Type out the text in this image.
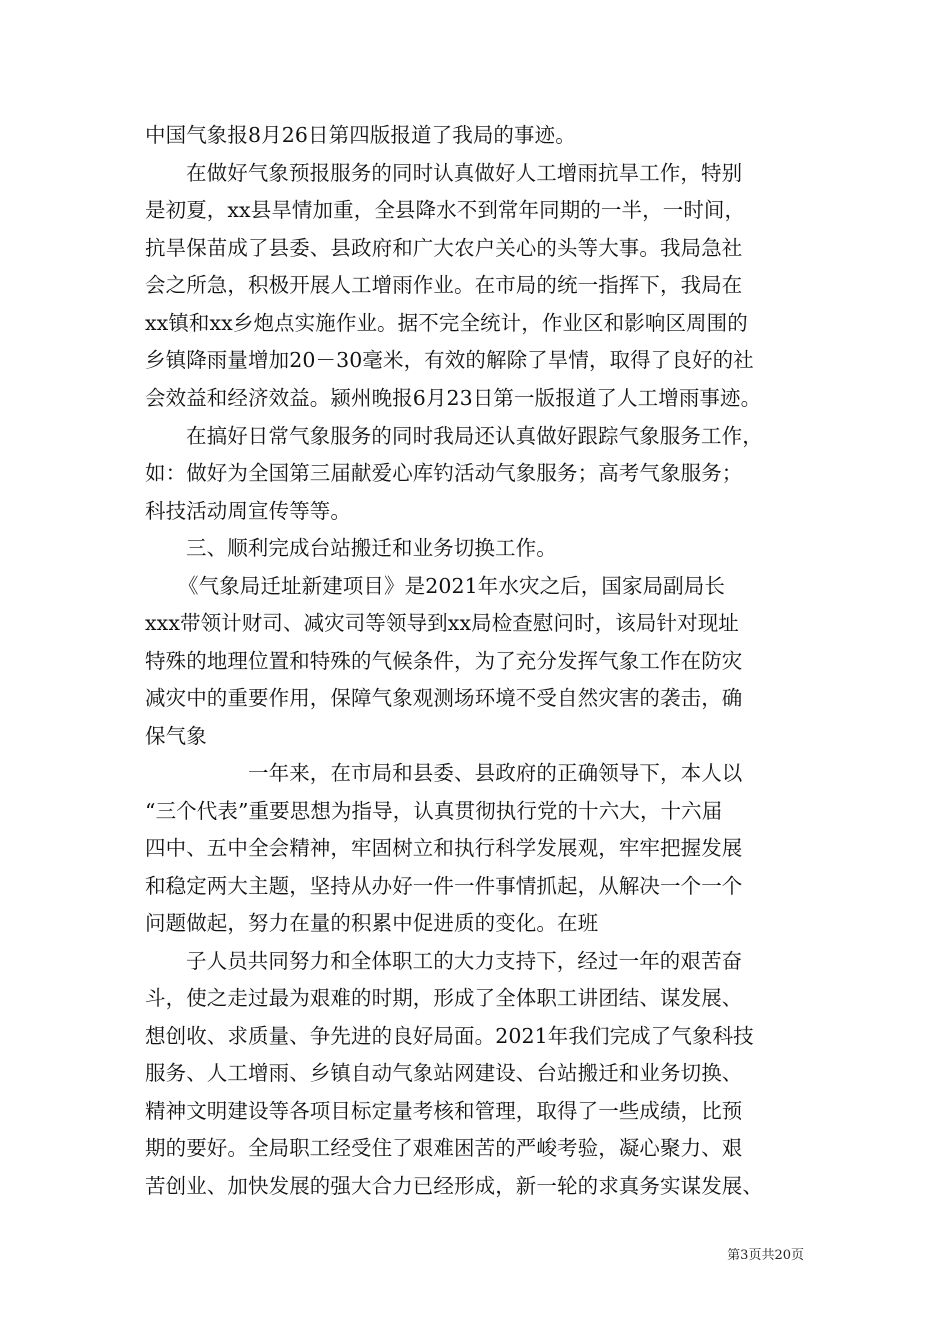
中国气象报8月26日第四版报道了我局的事迹。
在做好气象预报服务的同时认真做好人工增雨抗旱工作，特别
是初夏，xx县旱情加重，全县降水不到常年同期的一半，一时间，
抗旱保苗成了县委、县政府和广大农户关心的头等大事。我局急社
会之所急，积极开展人工增雨作业。在市局的统一指挥下，我局在
xx镇和xx乡炮点实施作业。据不完全统计，作业区和影响区周围的
乡镇降雨量增加20－30毫米，有效的解除了旱情，取得了良好的社
会效益和经济效益。颍州晚报6月23日第一版报道了人工增雨事迹。
在搞好日常气象服务的同时我局还认真做好跟踪气象服务工作，
如：做好为全国第三届献爱心库钓活动气象服务；高考气象服务；
科技活动周宣传等等。
三、顺利完成台站搬迁和业务切换工作。
《气象局迁址新建项目》是2021年水灾之后，国家局副局长
xxx带领计财司、减灾司等领导到xx局检查慰问时，该局针对现址
特殊的地理位置和特殊的气候条件，为了充分发挥气象工作在防灾
减灾中的重要作用，保障气象观测场环境不受自然灾害的袭击，确
保气象
一年来，在市局和县委、县政府的正确领导下，本人以
“三个代表”重要思想为指导，认真贯彻执行党的十六大，十六届
四中、五中全会精神，牢固树立和执行科学发展观，牢牢把握发展
和稳定两大主题，坚持从办好一件一件事情抓起，从解决一个一个
问题做起，努力在量的积累中促进质的变化。在班
子人员共同努力和全体职工的大力支持下，经过一年的艰苦奋
斗，使之走过最为艰难的时期，形成了全体职工讲团结、谋发展、
想创收、求质量、争先进的良好局面。2021年我们完成了气象科技
服务、人工增雨、乡镇自动气象站网建设、台站搬迁和业务切换、
精神文明建设等各项目标定量考核和管理，取得了一些成绩，比预
期的要好。全局职工经受住了艰难困苦的严峻考验，凝心聚力、艰
苦创业、加快发展的强大合力已经形成，新一轮的求真务实谋发展、
第3页共20页
